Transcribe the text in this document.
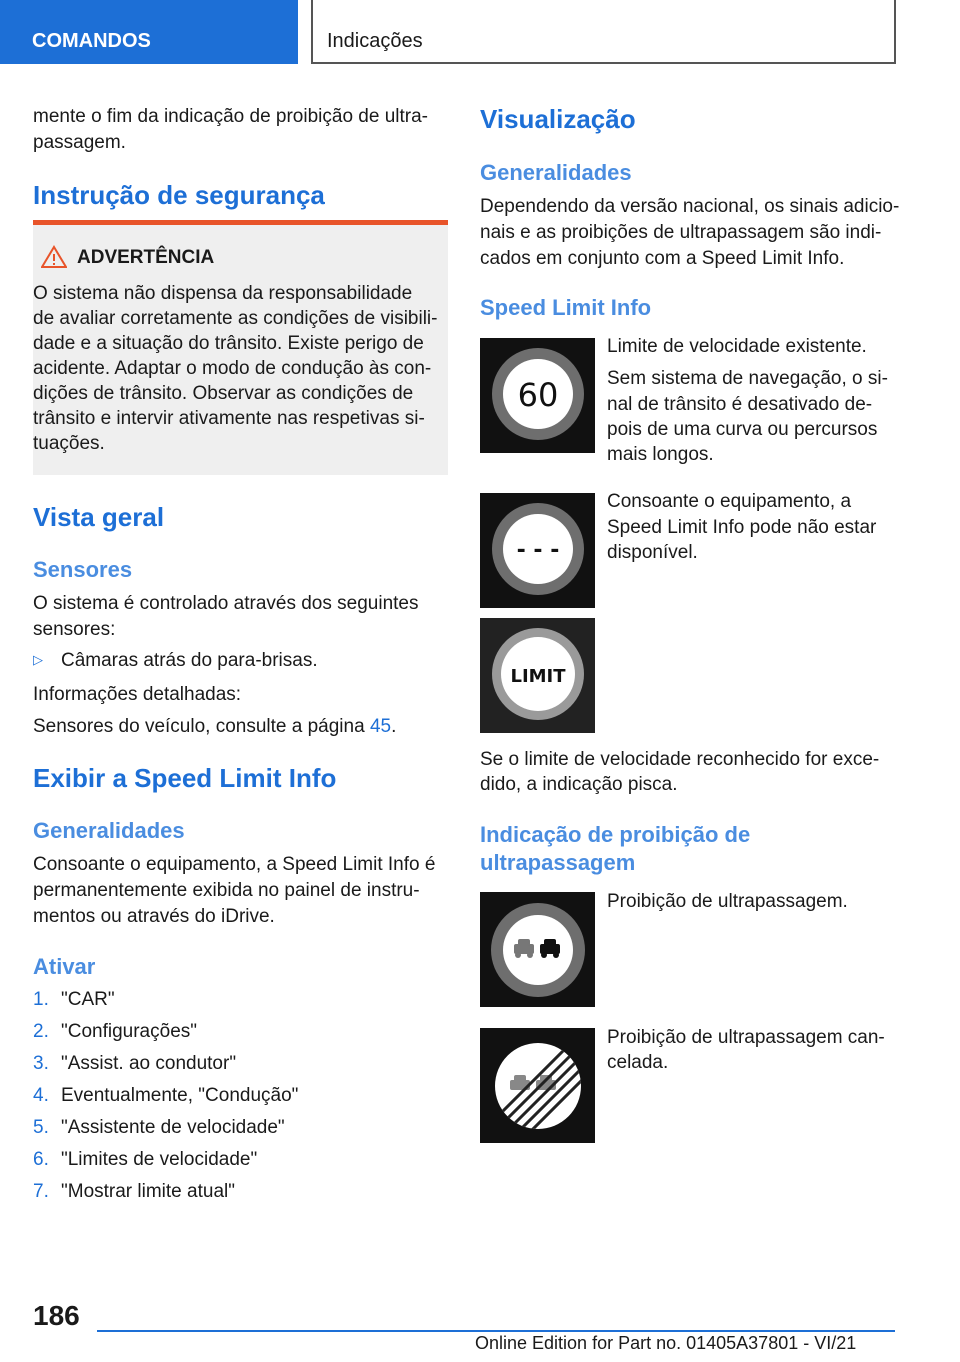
COMANDOS	Indicações
mente o fim da indicação de proibição de ultra-
passagem.
Instrução de segurança
ADVERTÊNCIA
O sistema não dispensa da responsabilidade
de avaliar corretamente as condições de visibili-
dade e a situação do trânsito. Existe perigo de
acidente. Adaptar o modo de condução às con-
dições de trânsito. Observar as condições de
trânsito e intervir ativamente nas respetivas si-
tuações.
Vista geral
Sensores
O sistema é controlado através dos seguintes
sensores:
▷ Câmaras atrás do para-brisas.
Informações detalhadas:
Sensores do veículo, consulte a página 45.
Exibir a Speed Limit Info
Generalidades
Consoante o equipamento, a Speed Limit Info é
permanentemente exibida no painel de instru-
mentos ou através do iDrive.
Ativar
1. "CAR"
2. "Configurações"
3. "Assist. ao condutor"
4. Eventualmente, "Condução"
5. "Assistente de velocidade"
6. "Limites de velocidade"
7. "Mostrar limite atual"
Visualização
Generalidades
Dependendo da versão nacional, os sinais adicio-
nais e as proibições de ultrapassagem são indi-
cados em conjunto com a Speed Limit Info.
Speed Limit Info
60
Limite de velocidade existente.
Sem sistema de navegação, o si-
nal de trânsito é desativado de-
pois de uma curva ou percursos
mais longos.
- - -
Consoante o equipamento, a
Speed Limit Info pode não estar
disponível.
LIMIT
Se o limite de velocidade reconhecido for exce-
dido, a indicação pisca.
Indicação de proibição de
ultrapassagem
Proibição de ultrapassagem.
Proibição de ultrapassagem can-
celada.
186
Online Edition for Part no. 01405A37801 - VI/21
